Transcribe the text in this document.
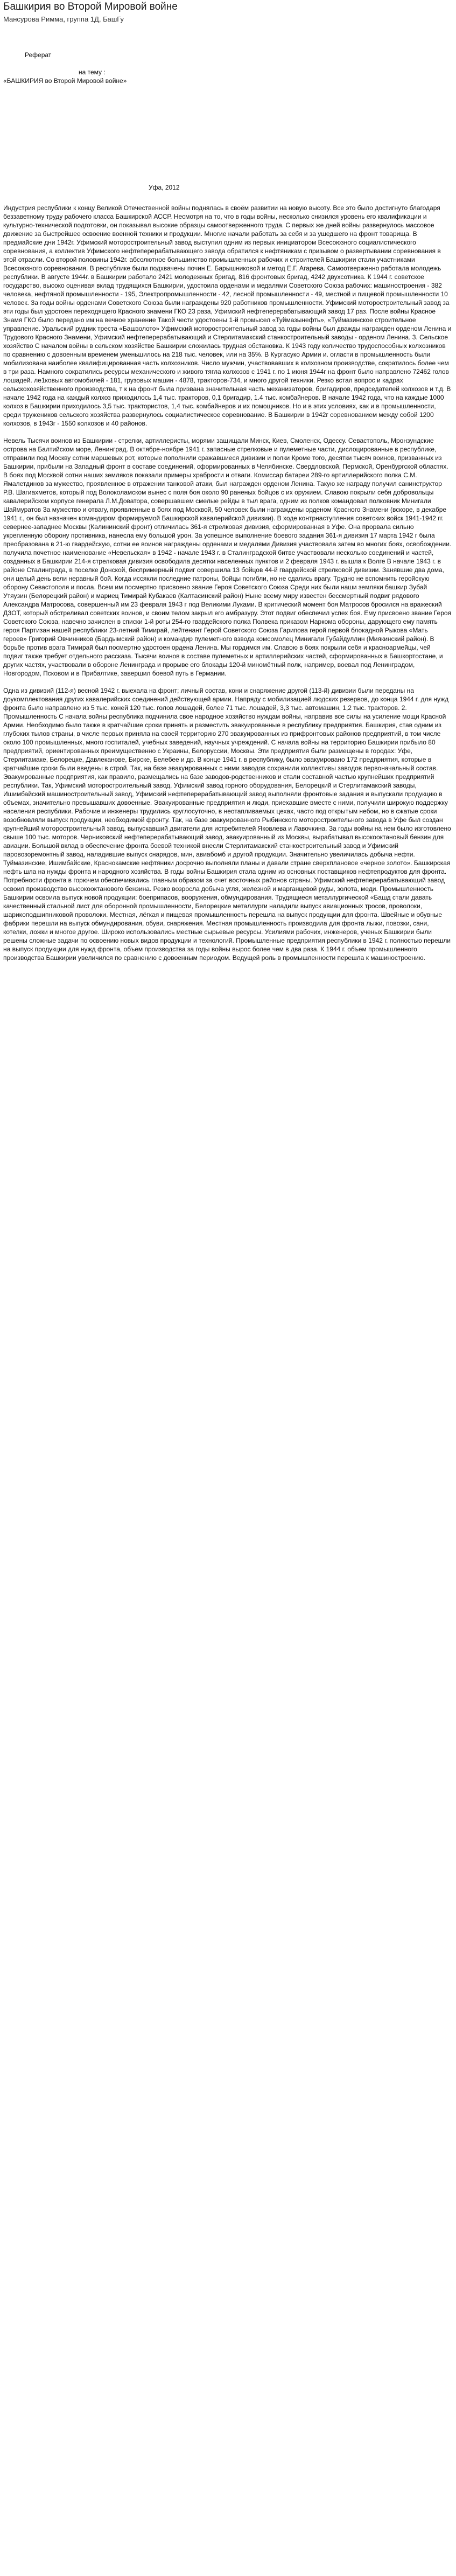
Башкирия во Второй Мировой войне
Мансурова Римма, группа 1Д, БашГу

Реферат

на тему :

«БАШКИРИЯ во Второй Мировой войне»

Уфа, 2012

Индустрия республики к концу Великой Отечественной войны поднялась в своём развитии на новую высоту. Все это было достигнуто благодаря беззаветному труду рабочего класса Башкирской АССР. Несмотря на то, что в годы войны, несколько снизился уровень его квалификации и культурно-технической подготовки, он показывал высокие образцы самоотверженного труда. С первых же дней войны развернулось массовое движение за быстрейшее освоение военной техники и продукции. Многие начали работать за себя и за ушедшего на фронт товарища. В предмайские дни 1942г. Уфимский моторостроительный завод выступил одним из первых инициатором Всесоюзного социалистического соревнования, а коллектив Уфимского нефтеперерабатывающего завода обратился к нефтяникам с призывом о развертывании соревнования в этой отрасли. Со второй половины 1942г. абсолютное большинство промышленных рабочих и строителей Башкирии стали участниками Всесоюзного соревнования. В республике были подхвачены почин Е. Барышниковой и метод Е.Г. Агарева. Самоотверженно работала молодежь республики. В августе 1944г. в Башкирии работало 2421 молодежных бригад, 816 фронтовых бригад, 4242 двухсотника. К 1944 г. советское государство, высоко оценивая вклад трудящихся Башкирии, удостоила орденами и медалями Советского Союза рабочих: машиностроения - 382 человека, нефтяной промышленности - 195, Электропромышленности - 42, лесной промышленности - 49, местной и пищевой промышленности 10 человек. За годы войны орденами Советского Союза были награждены 920 работников промышленности. Уфимский моторостроительный завод за эти годы был удостоен переходящего Красного знамени ГКО 23 раза, Уфимский нефтеперерабатывающий завод 17 раз. После войны Красное Знамя ГКО было передано им на вечное хранение Такой чести удостоены 1-й промысел «Туймазынефть», «Туймазинское строительное управление. Уральский рудник треста «Башзолото» Уфимский моторостроительный завод за годы войны был дважды награжден орденом Ленина и Трудового Красного Знамени, Уфимский нефтеперерабатывающий и Стерлитамакский станкостроительный заводы - орденом Ленина. 3. Сельское хозяйство С началом войны в сельском хозяйстве Башкирии сложилась трудная обстановка. К 1943 году количество трудоспособных колхозников по сравнению с довоенным временем уменьшилось на 218 тыс. человек, или на 35%. В Кургасуко Армии и. огласти в промышленность были мобилизована наиболее квалифицированная часть колхозников. Число мужчин, участвовавших в колхозном производстве, сократилось более чем в три раза. Намного сократились ресурсы механического и живого тягла колхозов с 1941 г. по 1 июня 1944г на фронт было направлено 72462 голов лошадей. ле1ковых автомобилей - 181, грузовых машин - 4878, тракторов-734, и много другой техники. Резко встал вопрос и кадрах сельскохозяйственного производства, т к на фронт была призвана значительная часть механизаторов, бригадиров, председателей колхозов и т.д. В начале 1942 года на каждый колхоз приходилось 1,4 тыс. тракторов, 0,1 бригадир, 1.4 тыс. комбайнеров. В начале 1942 года, что на каждые 1000 колхоз в Башкирии приходилось 3,5 тыс. трактористов, 1,4 тыс. комбайнеров и их помощников. Но и в этих условиях, как и в промышленности, среди тружеников сельского хозяйства развернулось социалистическое соревнование. В Башкирии в 1942г соревнованием между собой 1200 колхозов, в 1943г - 1550 колхозов и 40 районов.

Невель Тысячи воинов из Башкирии - стрелки, артиллеристы, морями защищали Минск, Киев, Смоленск, Одессу. Севастополь, Мронзундские острова на Балтийском море, Ленинград. В октябре-ноябре 1941 г. запасные стрелковые и пулеметные части, дислоцированные в республике, отправили под Москву сотни маршевых рот, которые пополнили сражавшиеся дивизии и полки Кроме того, десятки тысяч воинов, призванных из Башкирии, прибыли на Западный фронт в составе соединений, сформированных в Челябинске. Свердловской, Пермской, Оренбургской областях. В боях под Москвой сотни наших земляков показали примеры храбрости и отваги. Комиссар батареи 289-го артиллерийского полка С.М. Ямалетдинов за мужество, проявленное в отражении танковой атаки, был награжден орденом Ленина. Такую же награду получил санинструктор Р.В. Шагиахметов, который под Волоколамском вынес с поля боя около 90 раненых бойцов с их оружием. Славою покрыли себя добровольцы кавалерийском корпусе генерала Л.М.Доватора, совершавшем смелые рейды в тыл врага, одним из полков командовал полковник Минигали Шаймуратов За мужество и отвагу, проявленные в боях под Москвой, 50 человек были награждены орденом Красного Знамени (вскоре, в декабре 1941 г., он был назначен командиром формируемой Башкирской кавалерийской дивизии). В ходе контрнаступления советских войск 1941-1942 гг. севернее-западнее Москвы (Калининский фронт) отличилась 361-я стрелковая дивизия, сформированная в Уфе. Она прорвала сильно укрепленную оборону противника, нанесла ему большой урон. За успешное выполнение боевого задания 361-я дивизия 17 марта 1942 г была преобразована в 21-ю гвардейскую, сотни ее воинов награждены орденами и медалями Дивизия участвовала затем во многих боях, освобождении. получила почетное наименование «Невельская» в 1942 - начале 1943 г. в Сталинградской битве участвовали несколько соединений и частей, созданных в Башкирии 214-я стрелковая дивизия освободила десятки населенных пунктов и 2 февраля 1943 г. вышла к Волге В начале 1943 г. в районе Сталинграда, в поселке Донской, беспримерный подвиг совершила 13 бойцов 44-й гвардейской стрелковой дивизии. Занявшие два дома, они целый день вели неравный бой. Когда иссякли последние патроны, бойцы погибли, но не сдались врагу. Трудно не вспомнить геройскую оборону Севастополя и посла. Всем им посмертно присвоено звание Героя Советского Союза Среди них были наши земляки башкир Зубай Утяузин (Белорецкий район) и мариец Тимирай Кубакаев (Калтасинский район) Ныне всему миру известен бессмертный подвиг рядового Александра Матросова, совершенный им 23 февраля 1943 г под Великими Луками. В критический момент боя Матросов бросился на вражеский ДЗОТ, который обстреливал советских воинов, и своим телом закрыл его амбразуру. Этот подвиг обеспечил успех боя. Ему присвоено звание Героя Советского Союза, навечно зачислен в списки 1-й роты 254-го гвардейского полка Полвека приказом Наркома обороны, дарующего ему память героя Партизан нашей республики 23-летний Тимирай, лейтенант Герой Советского Союза Гарипова герой первой блокадной Рыкова «Мать героев» Григорий Овчинников (Бардымский район) и командир пулеметного взвода комсомолец Минигали Губайдуллин (Миякинский район). В борьбе против врага Тимирай был посмертно удостоен ордена Ленина. Мы гордимся им. Славою в боях покрыли себя и красноармейцы, чей подвиг также требует отдельного рассказа. Тысячи воинов в составе пулеметных и артиллерийских частей, сформированных в Башкортостане, и других частях, участвовали в обороне Ленинграда и прорыве его блокады 120-й миномётный полк, например, воевал под Ленинградом, Новгородом, Псковом и в Прибалтике, завершил боевой путь в Германии.

Одна из дивизий (112-я) весной 1942 г. выехала на фронт; личный состав, кони и снаряжение другой (113-й) дивизии были переданы на доукомплектования других кавалерийских соединений действующей армии. Напряду с мобилизацией людских резервов, до конца 1944 г. для нужд фронта было направлено из 5 тыс. коней 120 тыс. голов лошадей, более 71 тыс. лошадей, 3,3 тыс. автомашин, 1,2 тыс. тракторов. 2. Промышленность С начала войны республика подчинила свое народное хозяйство нуждам войны, направив все силы на усиление мощи Красной Армии. Необходимо было также в кратчайшие сроки принять и разместить эвакуированные в республику предприятия. Башкирия, став одним из глубоких тылов страны, в числе первых приняла на своей территорию 270 эвакуированных из прифронтовых районов предприятий, в том числе около 100 промышленных, много госпиталей, учебных заведений, научных учреждений. С начала войны на территорию Башкирии прибыло 80 предприятий, ориентированных преимущественно с Украины, Белоруссии, Москвы. Эти предприятия были размещены в городах: Уфе, Стерлитамаке, Белорецке, Давлеканове, Бирске, Белебее и др. В конце 1941 г. в республику, было эвакуировано 172 предприятия, которые в кратчайшие сроки были введены в строй. Так, на базе эвакуированных с ними заводов сохранили коллективы заводов первоначальный состав. Эвакуированные предприятия, как правило, размещались на базе заводов-родственников и стали составной частью крупнейших предприятий республики. Так, Уфимский моторостроительный завод, Уфимский завод горного оборудования, Белорецкий и Стерлитамакский заводы, Ишимбайский машиностроительный завод, Уфимский нефтеперерабатывающий завод выполняли фронтовые задания и выпускали продукцию в объемах, значительно превышавших довоенные. Эвакуированные предприятия и люди, приехавшие вместе с ними, получили широкую поддержку населения республики. Рабочие и инженеры трудились круглосуточно, в неотапливаемых цехах, часто под открытым небом, но в сжатые сроки возобновляли выпуск продукции, необходимой фронту. Так, на базе эвакуированного Рыбинского моторостроительного завода в Уфе был создан крупнейший моторостроительный завод, выпускавший двигатели для истребителей Яковлева и Лавочкина. За годы войны на нем было изготовлено свыше 100 тыс. моторов. Черниковский нефтеперерабатывающий завод, эвакуированный из Москвы, вырабатывал высокооктановый бензин для авиации. Большой вклад в обеспечение фронта боевой техникой внесли Стерлитамакский станкостроительный завод и Уфимский паровозоремонтный завод, наладившие выпуск снарядов, мин, авиабомб и другой продукции. Значительно увеличилась добыча нефти. Туймазинские, Ишимбайские, Краснокамские нефтяники досрочно выполняли планы и давали стране сверхплановое «черное золото». Башкирская нефть шла на нужды фронта и народного хозяйства. В годы войны Башкирия стала одним из основных поставщиков нефтепродуктов для фронта. Потребности фронта в горючем обеспечивались главным образом за счет восточных районов страны. Уфимский нефтеперерабатывающий завод освоил производство высокооктанового бензина. Резко возросла добыча угля, железной и марганцевой руды, золота, меди. Промышленность Башкирии освоила выпуск новой продукции: боеприпасов, вооружения, обмундирования. Трудящиеся металлургической «Башд стали давать качественный стальной лист для оборонной промышленности, Белорецкие металлурги наладили выпуск авиационных тросов, проволоки, шарикоподшипниковой проволоки. Местная, лёгкая и пищевая промышленность перешла на выпуск продукции для фронта. Швейные и обувные фабрики перешли на выпуск обмундирования, обуви, снаряжения. Местная промышленность производила для фронта лыжи, повозки, сани, котелки, ложки и многое другое. Широко использовались местные сырьевые ресурсы. Усилиями рабочих, инженеров, ученых Башкирии были решены сложные задачи по освоению новых видов продукции и технологий. Промышленные предприятия республики в 1942 г. полностью перешли на выпуск продукции для нужд фронта, объем производства за годы войны вырос более чем в два раза. К 1944 г. объем промышленного производства Башкирии увеличился по сравнению с довоенным периодом. Ведущей роль в промышленности перешла к машиностроению.
